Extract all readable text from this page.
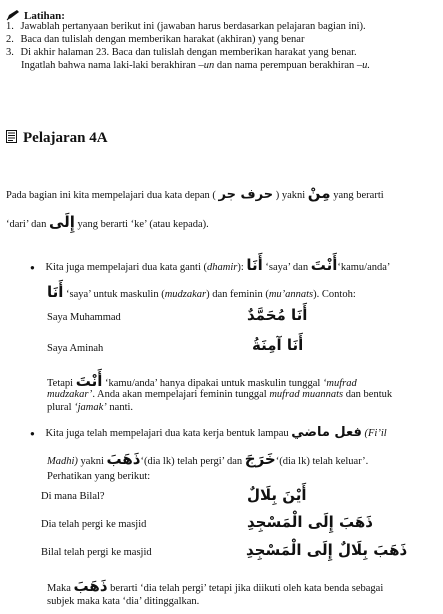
Latihan:
1. Jawablah pertanyaan berikut ini (jawaban harus berdasarkan pelajaran bagian ini).
2. Baca dan tulislah dengan memberikan harakat (akhiran) yang benar
3. Di akhir halaman 23. Baca dan tulislah dengan memberikan harakat yang benar.
Ingatlah bahwa nama laki-laki berakhiran –un dan nama perempuan berakhiran –u.
Pelajaran 4A
Pada bagian ini kita mempelajari dua kata depan ( حرف جر ) yakni مِنْ yang berarti
‘dari’ dan إِلَى yang berarti ‘ke’ (atau kepada).
● Kita juga mempelajari dua kata ganti (dhamir): أَنَا ‘saya’ dan أَنْتَ‘kamu/anda’
أَنَا ‘saya’ untuk maskulin (mudzakar) dan feminin (mu’annats). Contoh:
Saya Muhammad	أَنَا مُحَمَّدٌ
Saya Aminah	أَنَا آمِنَةُ
Tetapi أَنْتَ ‘kamu/anda’ hanya dipakai untuk maskulin tunggal ‘mufrad
mudzakar’. Anda akan mempelajari feminin tunggal mufrad muannats dan bentuk
plural ‘jamak’ nanti.
● Kita juga telah mempelajari dua kata kerja bentuk lampau فعل ماضي (Fi’il
Madhi) yakni ذَهَبَ‘(dia lk) telah pergi’ dan خَرَجَ‘(dia lk) telah keluar’.
Perhatikan yang berikut:
Di mana Bilal?	أَيْنَ بِلَالٌ
Dia telah pergi ke masjid	ذَهَبَ إِلَى الْمَسْجِدِ
Bilal telah pergi ke masjid	ذَهَبَ بِلَالٌ إِلَى الْمَسْجِدِ
Maka ذَهَبَ berarti ‘dia telah pergi’ tetapi jika diikuti oleh kata benda sebagai
subjek maka kata ‘dia’ ditinggalkan.
